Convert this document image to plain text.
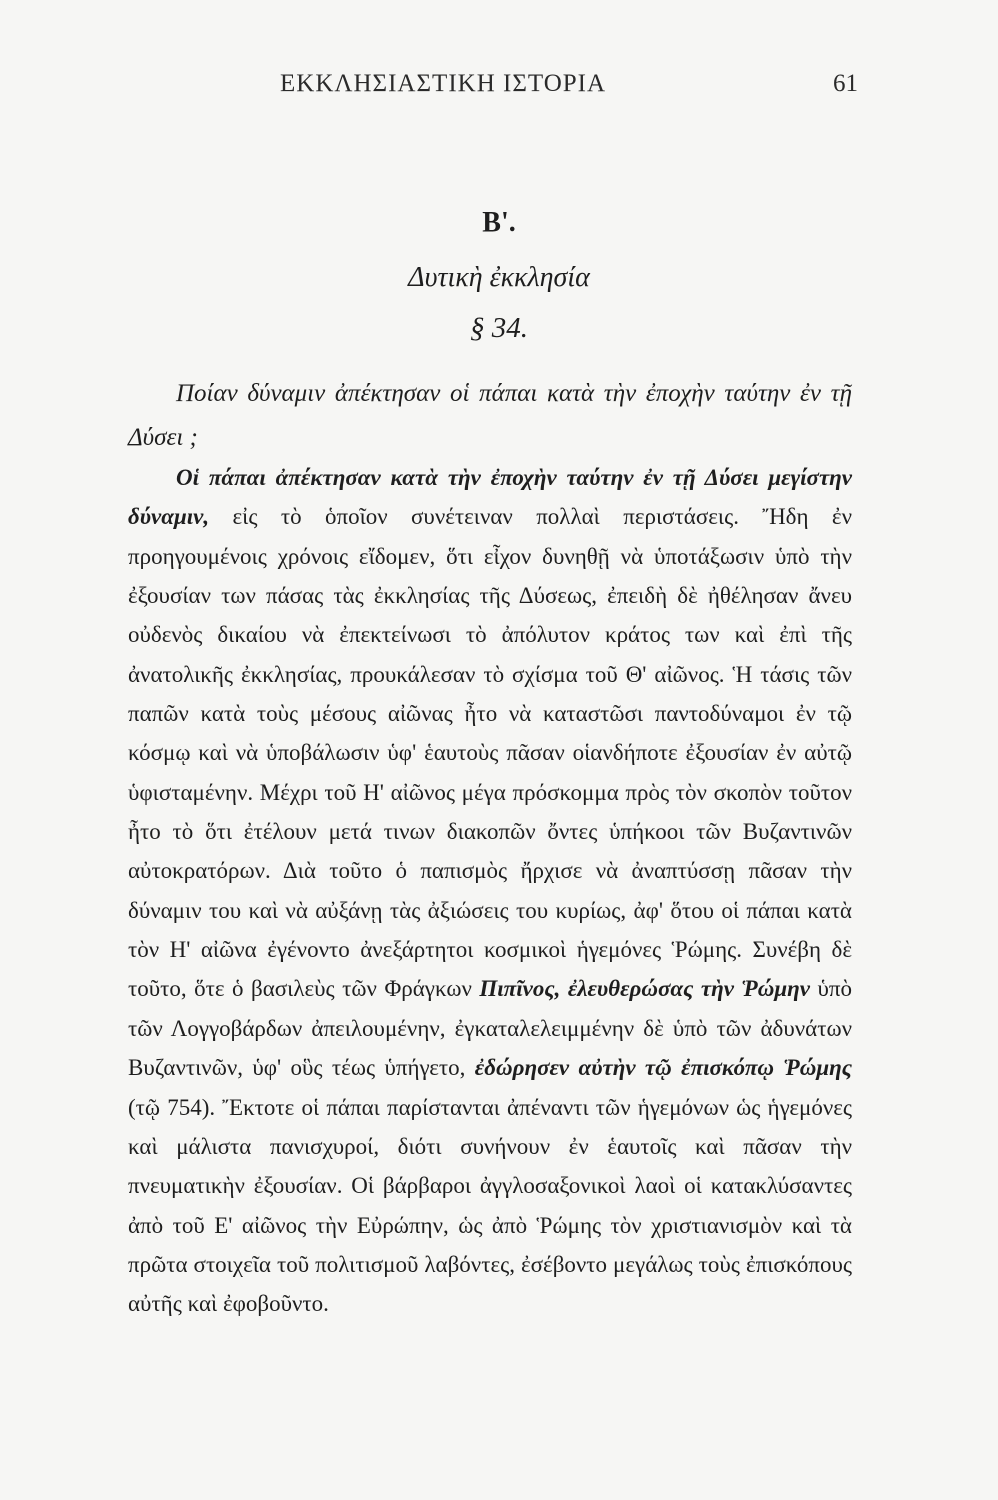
ΕΚΚΛΗΣΙΑΣΤΙΚΗ ΙΣΤΟΡΙΑ	61
Β'.
Δυτικὴ ἐκκλησία
§ 34.

Ποίαν δύναμιν ἀπέκτησαν οἱ πάπαι κατὰ τὴν ἐποχὴν ταύτην ἐν τῇ Δύσει ;

Οἱ πάπαι ἀπέκτησαν κατὰ τὴν ἐποχὴν ταύτην ἐν τῇ Δύσει μεγίστην δύναμιν, εἰς τὸ ὁποῖον συνέτειναν πολλαὶ περιστάσεις. Ἤδη ἐν προηγουμένοις χρόνοις εἴδομεν, ὅτι εἶχον δυνηθῇ νὰ ὑποτάξωσιν ὑπὸ τὴν ἐξουσίαν των πάσας τὰς ἐκκλησίας τῆς Δύσεως, ἐπειδὴ δὲ ἠθέλησαν ἄνευ οὐδενὸς δικαίου νὰ ἐπεκτείνωσι τὸ ἀπόλυτον κράτος των καὶ ἐπὶ τῆς ἀνατολικῆς ἐκκλησίας, προυκάλεσαν τὸ σχίσμα τοῦ Θ' αἰῶνος. Ἡ τάσις τῶν παπῶν κατὰ τοὺς μέσους αἰῶνας ἦτο νὰ καταστῶσι παντοδύναμοι ἐν τῷ κόσμῳ καὶ νὰ ὑποβάλωσιν ὑφ' ἑαυτοὺς πᾶσαν οἱανδήποτε ἐξουσίαν ἐν αὐτῷ ὑφισταμένην. Μέχρι τοῦ Η' αἰῶνος μέγα πρόσκομμα πρὸς τὸν σκοπὸν τοῦτον ἦτο τὸ ὅτι ἐτέλουν μετά τινων διακοπῶν ὄντες ὑπήκοοι τῶν Βυζαντινῶν αὐτοκρατόρων. Διὰ τοῦτο ὁ παπισμὸς ἤρχισε νὰ ἀναπτύσσῃ πᾶσαν τὴν δύναμιν του καὶ νὰ αὐξάνῃ τὰς ἀξιώσεις του κυρίως, ἀφ' ὅτου οἱ πάπαι κατὰ τὸν Η' αἰῶνα ἐγένοντο ἀνεξάρτητοι κοσμικοὶ ἡγεμόνες Ῥώμης. Συνέβη δὲ τοῦτο, ὅτε ὁ βασιλεὺς τῶν Φράγκων Πιπῖνος, ἐλευθερώσας τὴν Ῥώμην ὑπὸ τῶν Λογγοβάρδων ἀπειλουμένην, ἐγκαταλελειμμένην δὲ ὑπὸ τῶν ἀδυνάτων Βυζαντινῶν, ὑφ' οὓς τέως ὑπήγετο, ἐδώρησεν αὐτὴν τῷ ἐπισκόπῳ Ῥώμης (τῷ 754). Ἔκτοτε οἱ πάπαι παρίστανται ἀπέναντι τῶν ἡγεμόνων ὡς ἡγεμόνες καὶ μάλιστα πανισχυροί, διότι συνήνουν ἐν ἑαυτοῖς καὶ πᾶσαν τὴν πνευματικὴν ἐξουσίαν. Οἱ βάρβαροι ἀγγλοσαξονικοὶ λαοὶ οἱ κατακλύσαντες ἀπὸ τοῦ Ε' αἰῶνος τὴν Εὐρώπην, ὡς ἀπὸ Ῥώμης τὸν χριστιανισμὸν καὶ τὰ πρῶτα στοιχεῖα τοῦ πολιτισμοῦ λαβόντες, ἐσέβοντο μεγάλως τοὺς ἐπισκόπους αὐτῆς καὶ ἐφοβοῦντο.
